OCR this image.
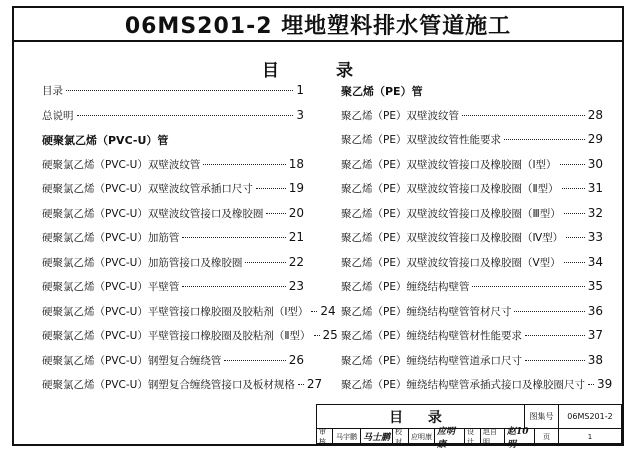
06MS201-2 埋地塑料排水管道施工
目	录
目录	1
总说明	3
硬聚氯乙烯（PVC-U）管
硬聚氯乙烯（PVC-U）双壁波纹管	18
硬聚氯乙烯（PVC-U）双壁波纹管承插口尺寸	19
硬聚氯乙烯（PVC-U）双壁波纹管接口及橡胶圈 20
硬聚氯乙烯（PVC-U）加筋管	21
硬聚氯乙烯（PVC-U）加筋管接口及橡胶圈	22
硬聚氯乙烯（PVC-U）平壁管	23
硬聚氯乙烯（PVC-U）平壁管接口橡胶圈及胶粘剂（Ⅰ型） 24
硬聚氯乙烯（PVC-U）平壁管接口橡胶圈及胶粘剂（Ⅱ型） 25
硬聚氯乙烯（PVC-U）钢塑复合缠绕管	26
硬聚氯乙烯（PVC-U）钢塑复合缠绕管接口及板材规格 27
聚乙烯（PE）管
聚乙烯（PE）双壁波纹管	28
聚乙烯（PE）双壁波纹管性能要求	29
聚乙烯（PE）双壁波纹管接口及橡胶圈（Ⅰ型）	30
聚乙烯（PE）双壁波纹管接口及橡胶圈（Ⅱ型） 31
聚乙烯（PE）双壁波纹管接口及橡胶圈（Ⅲ型） 32
聚乙烯（PE）双壁波纹管接口及橡胶圈（Ⅳ型） 33
聚乙烯（PE）双壁波纹管接口及橡胶圈（Ⅴ型） 34
聚乙烯（PE）缠绕结构壁管	35
聚乙烯（PE）缠绕结构壁管管材尺寸	36
聚乙烯（PE）缠绕结构壁管材性能要求	37
聚乙烯（PE）缠绕结构壁管道承口尺寸	38
聚乙烯（PE）缠绕结构壁管承插式接口及橡胶圈尺寸 39
目 录	图集号	06MS201-2
审核
马宇鹏 马士鹏
校对
应明康 应明康
设计
赵自明
赵10明
页	1
